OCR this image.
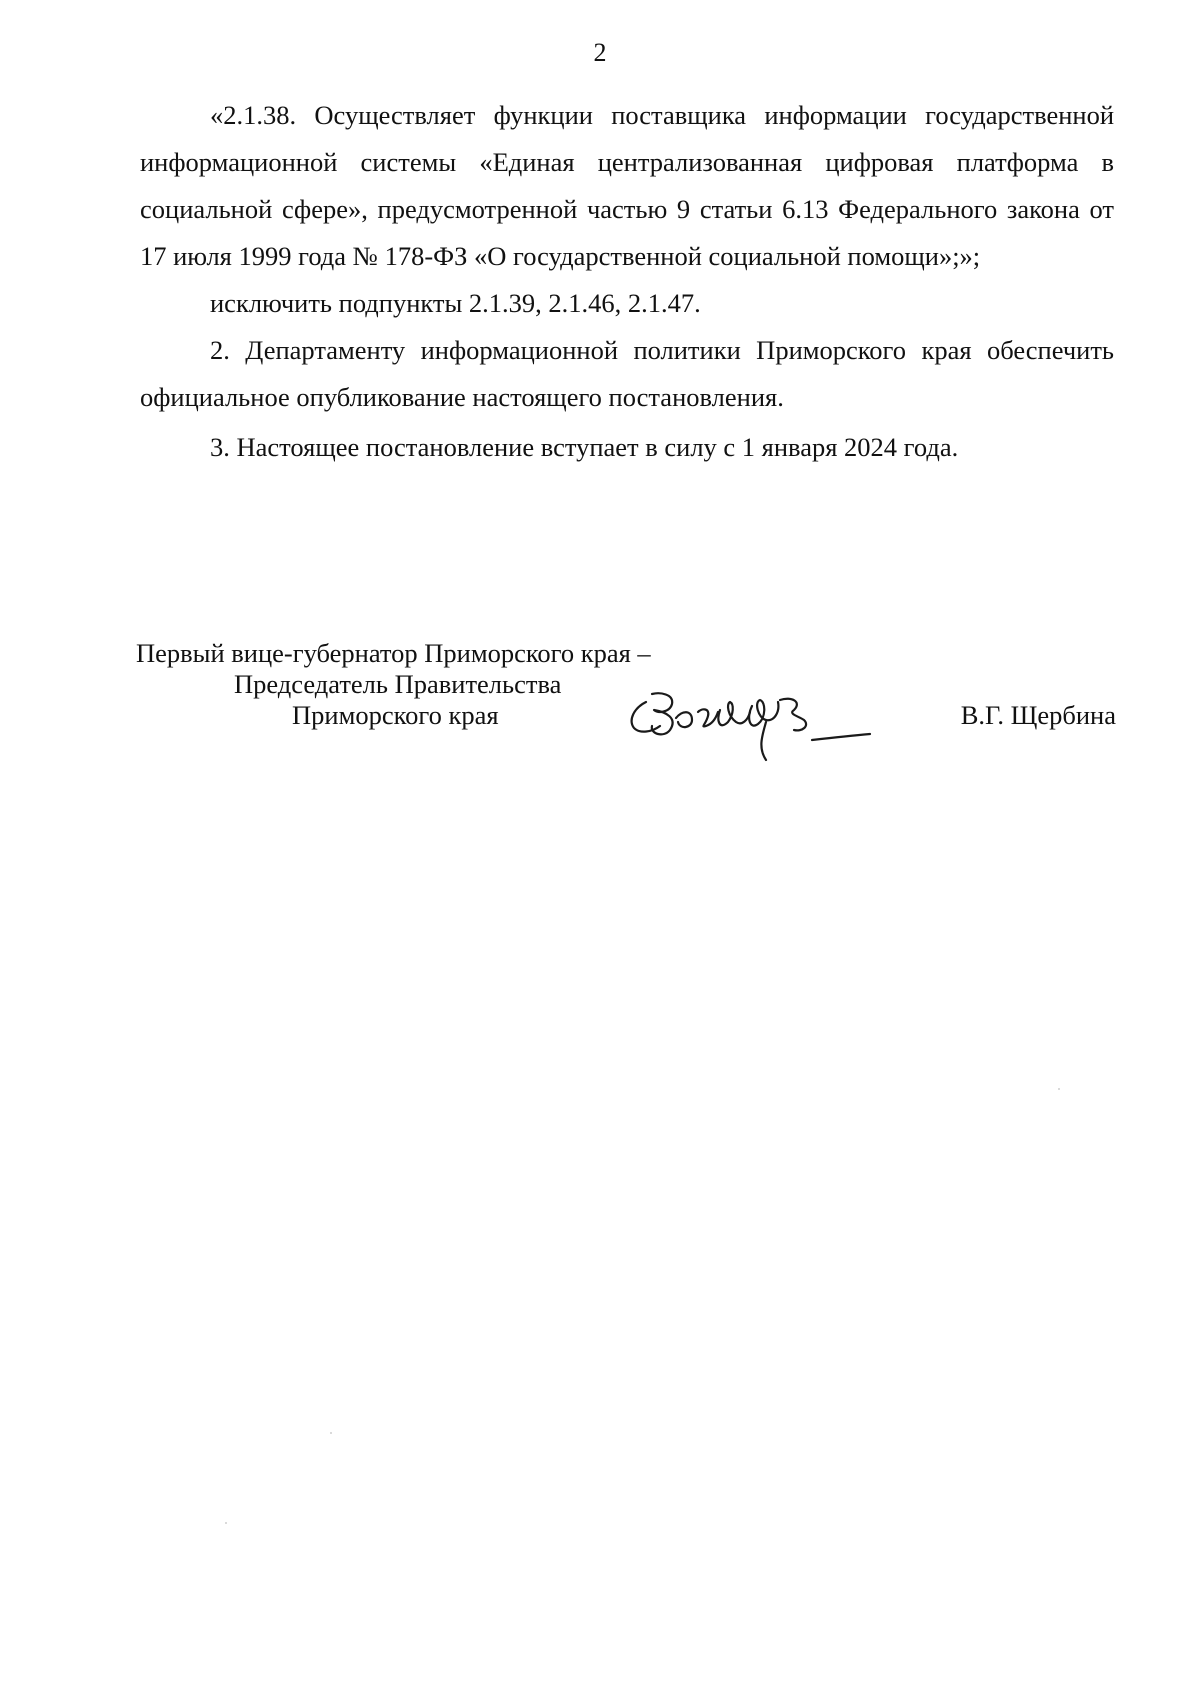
2

«2.1.38. Осуществляет функции поставщика информации государственной информационной системы «Единая централизованная цифровая платформа в социальной сфере», предусмотренной частью 9 статьи 6.13 Федерального закона от 17 июля 1999 года № 178-ФЗ «О государственной социальной помощи»;»;

исключить подпункты 2.1.39, 2.1.46, 2.1.47.

2. Департаменту информационной политики Приморского края обеспечить официальное опубликование настоящего постановления.

3. Настоящее постановление вступает в силу с 1 января 2024 года.

Первый вице-губернатор Приморского края –
Председатель Правительства
Приморского края	В.Г. Щербина
